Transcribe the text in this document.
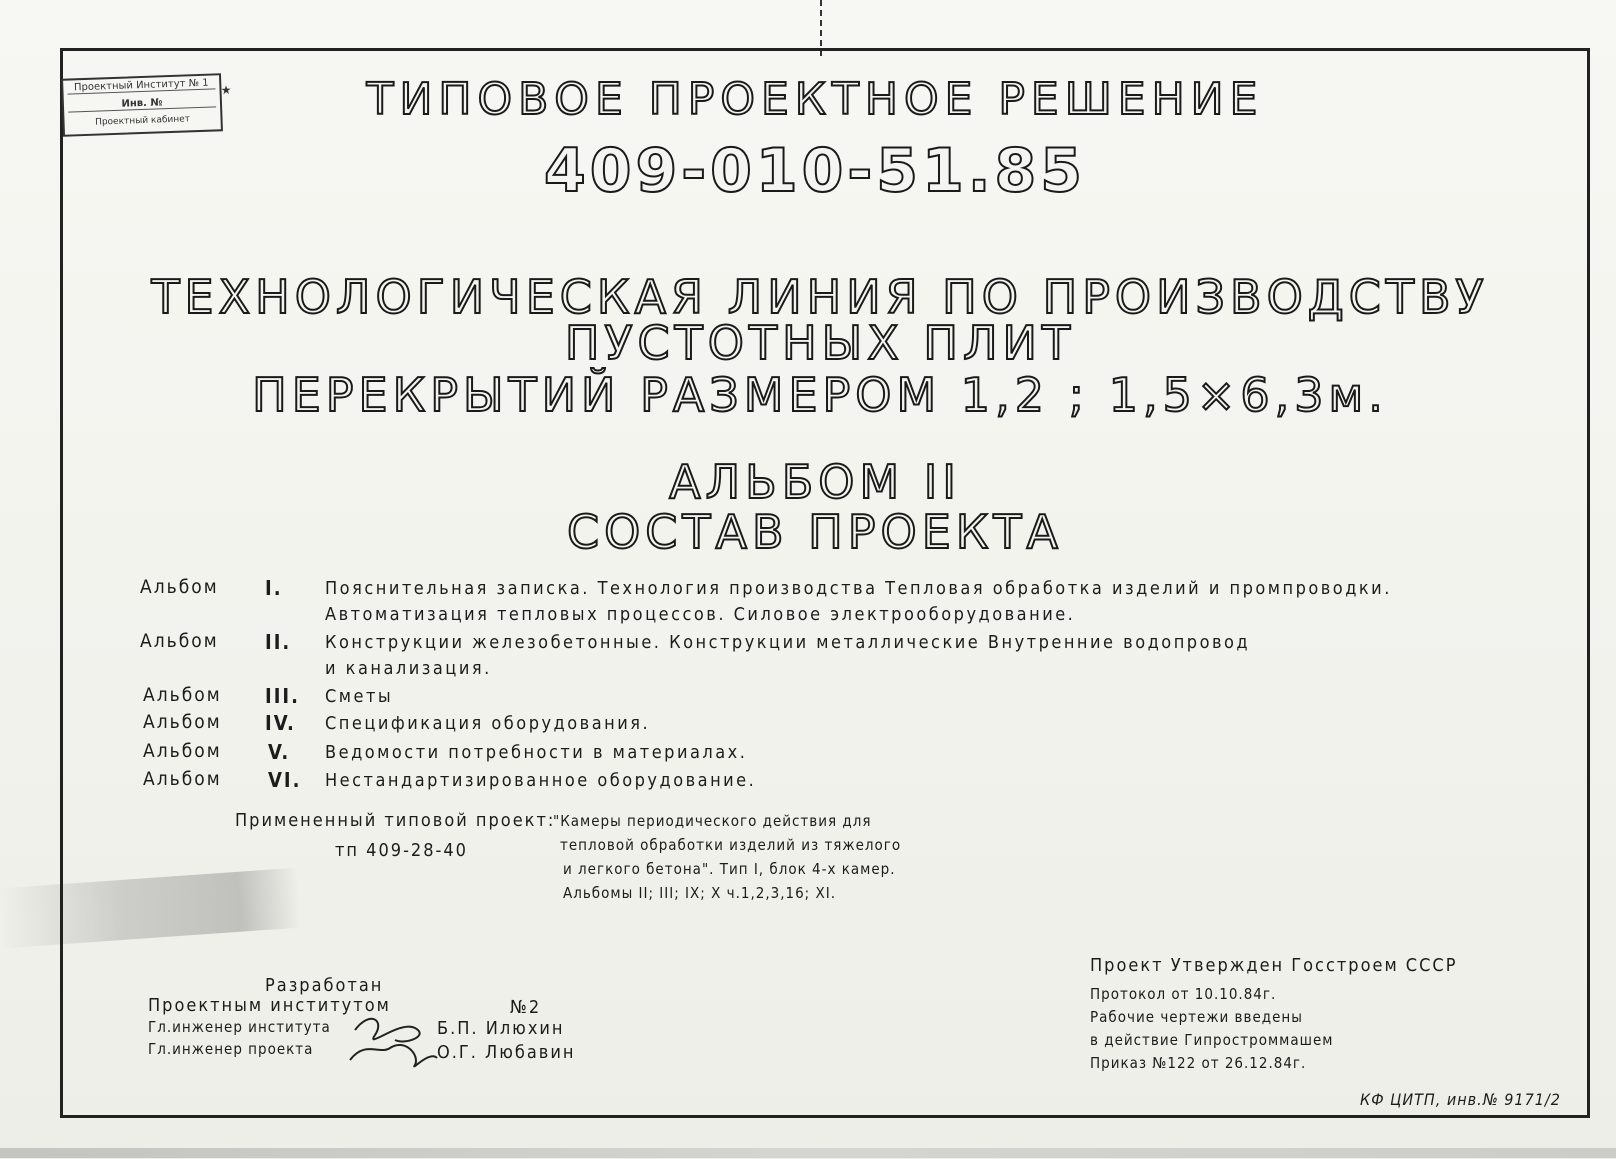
Проектный Институт № 1
Инв. №
Проектный кабинет
★	ТИПОВОЕ ПРОЕКТНОЕ РЕШЕНИЕ
409-010-51.85
ТЕХНОЛОГИЧЕСКАЯ ЛИНИЯ ПО ПРОИЗВОДСТВУ
ПУСТОТНЫХ ПЛИТ
ПЕРЕКРЫТИЙ РАЗМЕРОМ 1,2 ; 1,5×6,3м.
АЛЬБОМ II
СОСТАВ ПРОЕКТА
Альбом I. Пояснительная записка. Технология производства Тепловая обработка изделий и промпроводки.
Автоматизация тепловых процессов. Силовое электрооборудование.
Альбом II. Конструкции железобетонные. Конструкции металлические Внутренние водопровод
и канализация.
Альбом III. Сметы
Альбом IV. Спецификация оборудования.
Альбом V. Ведомости потребности в материалах.
Альбом VI. Нестандартизированное оборудование.
Примененный типовой проект:
тп 409-28-40
"Камеры периодического действия для
тепловой обработки изделий из тяжелого
и легкого бетона". Тип I, блок 4-х камер.
Альбомы II; III; IX; X ч.1,2,3,16; XI.
Разработан
Проектным институтом	№2
Гл.инженер института	Б.П. Илюхин
Гл.инженер проекта	О.Г. Любавин
Проект Утвержден Госстроем СССР
Протокол от 10.10.84г.
Рабочие чертежи введены
в действие Гипростроммашем
Приказ №122 от 26.12.84г.
КФ ЦИТП, инв.№ 9171/2
